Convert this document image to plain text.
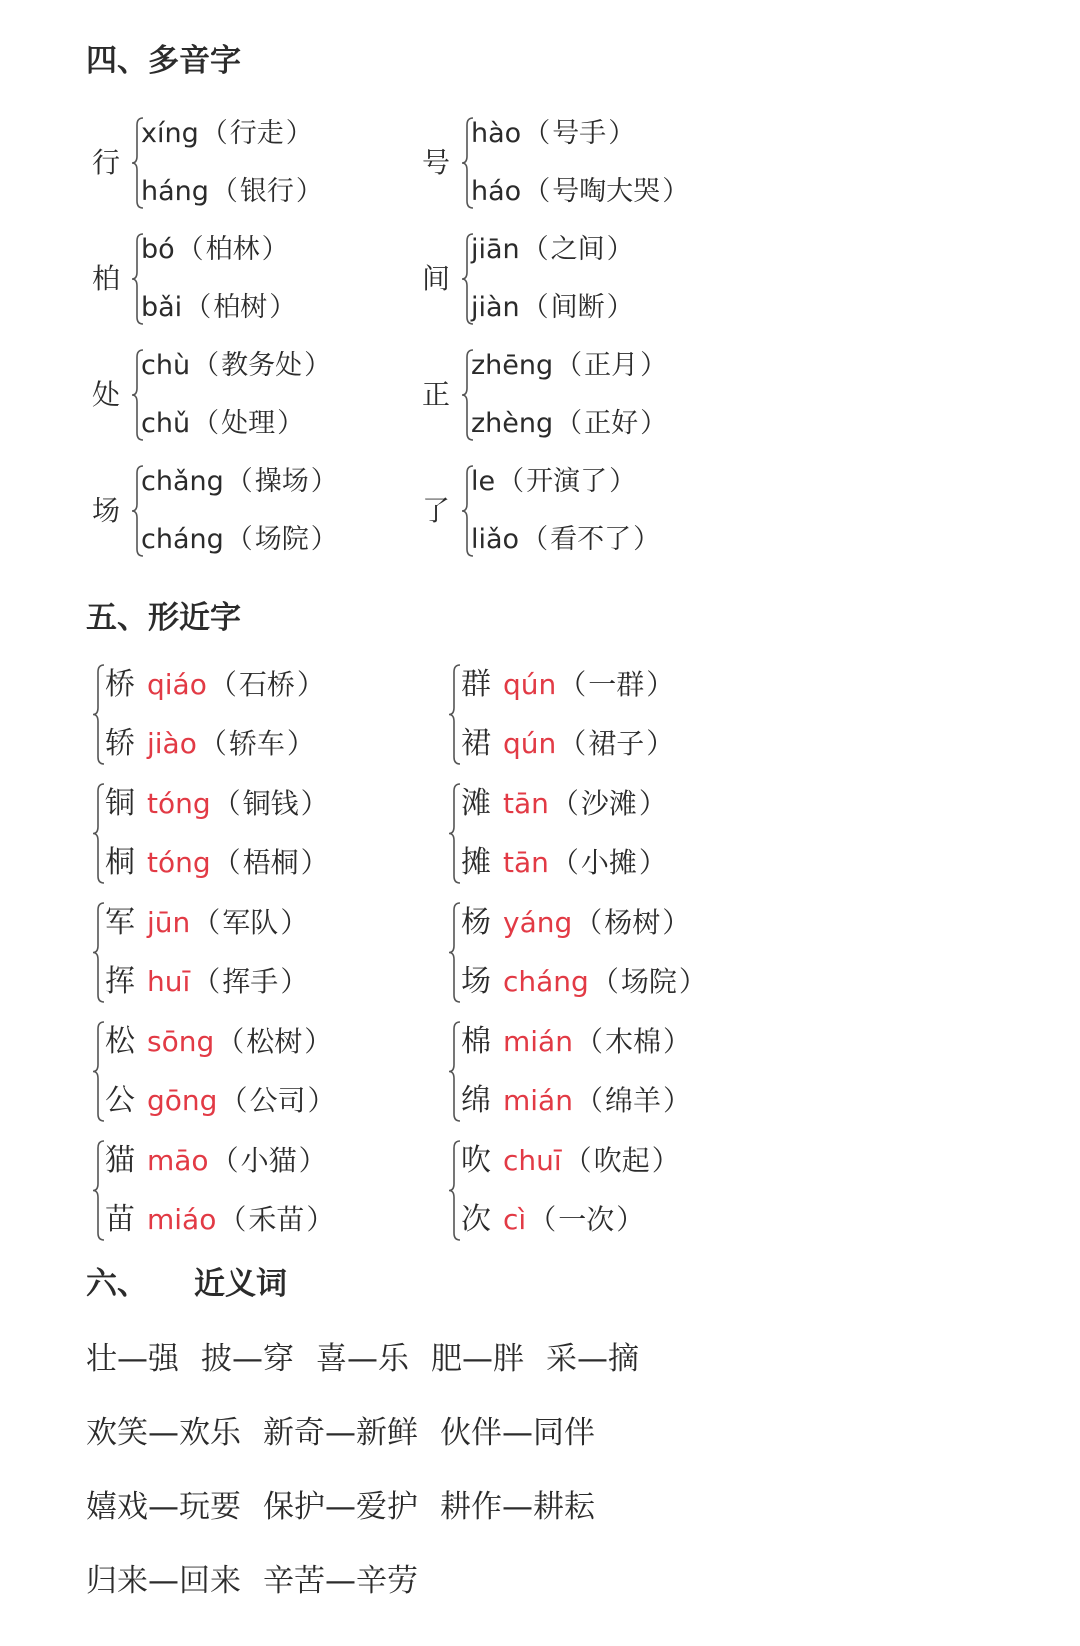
四、多音字
行
xíng（行走）
háng（银行）
柏
bó（柏林）
bǎi（柏树）
处
chù（教务处）
chǔ（处理）
场
chǎng（操场）
cháng（场院）
号
hào（号手）
háo（号啕大哭）
间
jiān（之间）
jiàn（间断）
正
zhēng（正月）
zhèng（正好）
了
le（开演了）
liǎo（看不了）
五、形近字
桥 qiáo（石桥）
轿 jiào（轿车）
铜 tóng（铜钱）
桐 tóng（梧桐）
军 jūn（军队）
挥 huī（挥手）
松 sōng（松树）
公 gōng（公司）
猫 māo（小猫）
苗 miáo（禾苗）
群 qún（一群）
裙 qún（裙子）
滩 tān（沙滩）
摊 tān（小摊）
杨 yáng（杨树）
场 cháng（场院）
棉 mián（木棉）
绵 mián（绵羊）
吹 chuī（吹起）
次 cì（一次）
六、 近义词
壮—强 披—穿 喜—乐 肥—胖 采—摘
欢笑—欢乐 新奇—新鲜 伙伴—同伴
嬉戏—玩要 保护—爱护 耕作—耕耘
归来—回来 辛苦—辛劳
